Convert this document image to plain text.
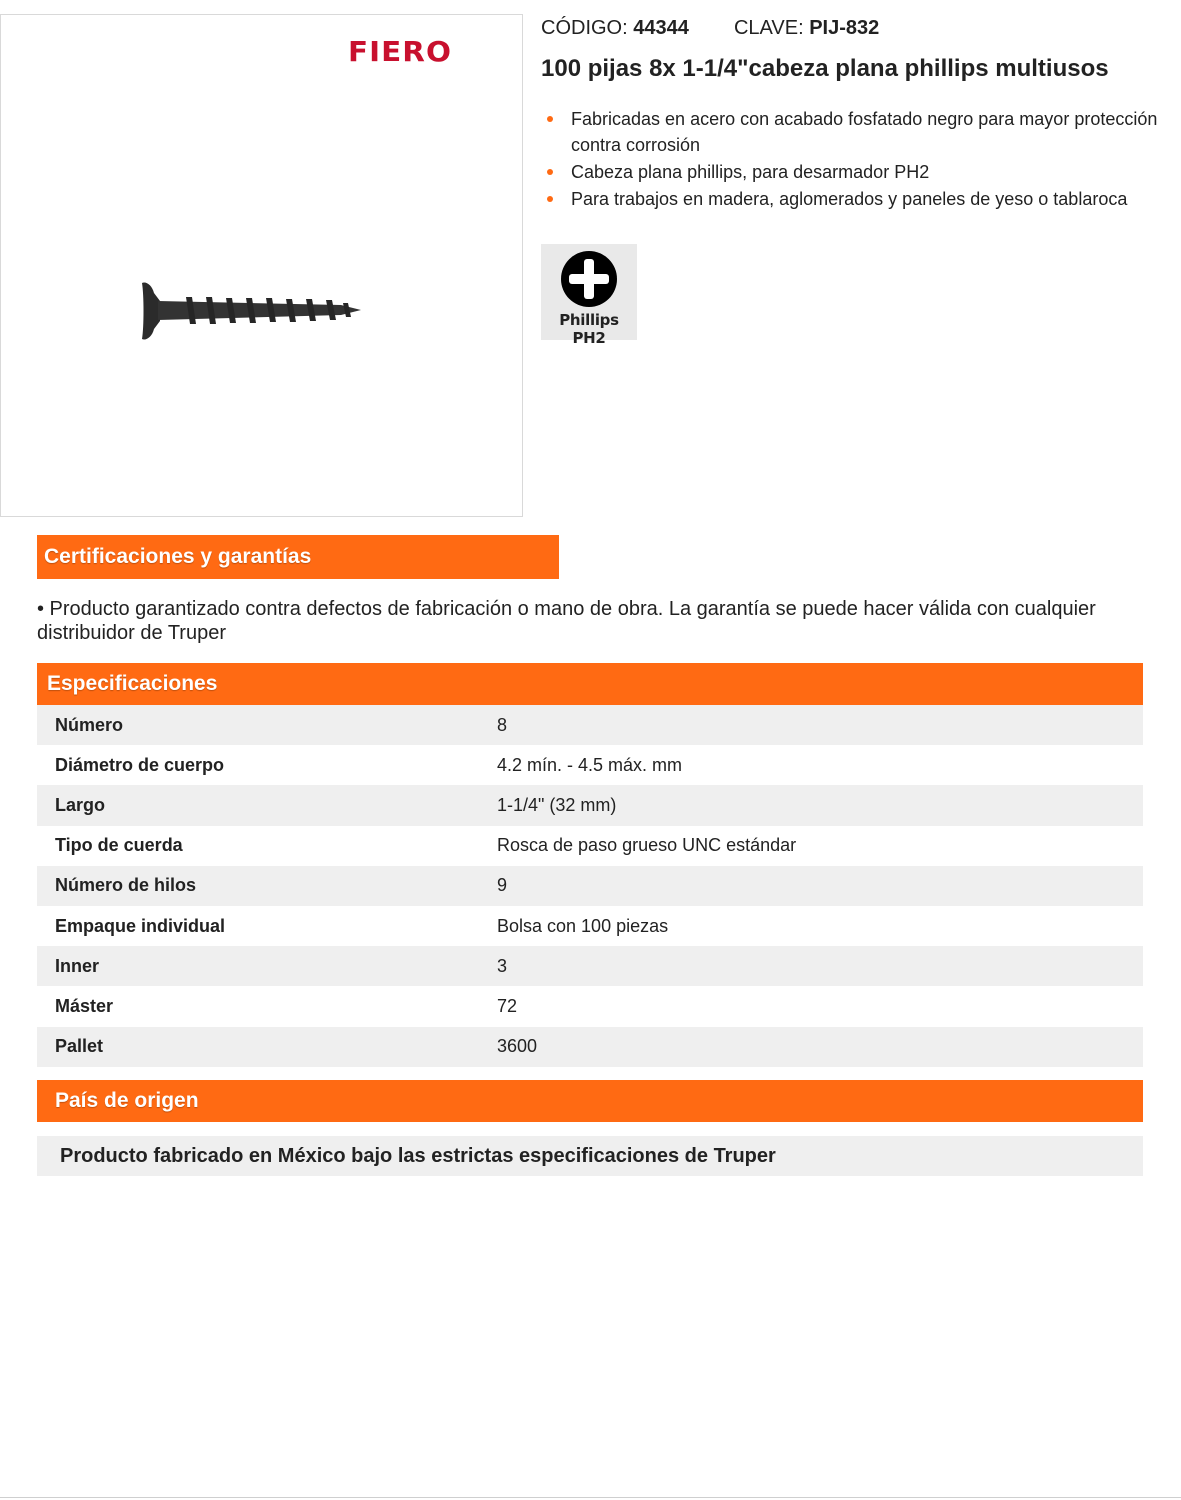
FIERO
CÓDIGO: 44344 CLAVE: PIJ-832
100 pijas 8x 1-1/4"cabeza plana phillips multiusos
Fabricadas en acero con acabado fosfatado negro para mayor protección contra corrosión
Cabeza plana phillips, para desarmador PH2
Para trabajos en madera, aglomerados y paneles de yeso o tablaroca
Phillips PH2
Certificaciones y garantías

• Producto garantizado contra defectos de fabricación o mano de obra. La garantía se puede hacer válida con cualquier distribuidor de Truper

Especificaciones
Número	8
Diámetro de cuerpo	4.2 mín. - 4.5 máx. mm
Largo	1-1/4" (32 mm)
Tipo de cuerda	Rosca de paso grueso UNC estándar
Número de hilos	9
Empaque individual	Bolsa con 100 piezas
Inner	3
Máster	72
Pallet	3600
País de origen
Producto fabricado en México bajo las estrictas especificaciones de Truper
